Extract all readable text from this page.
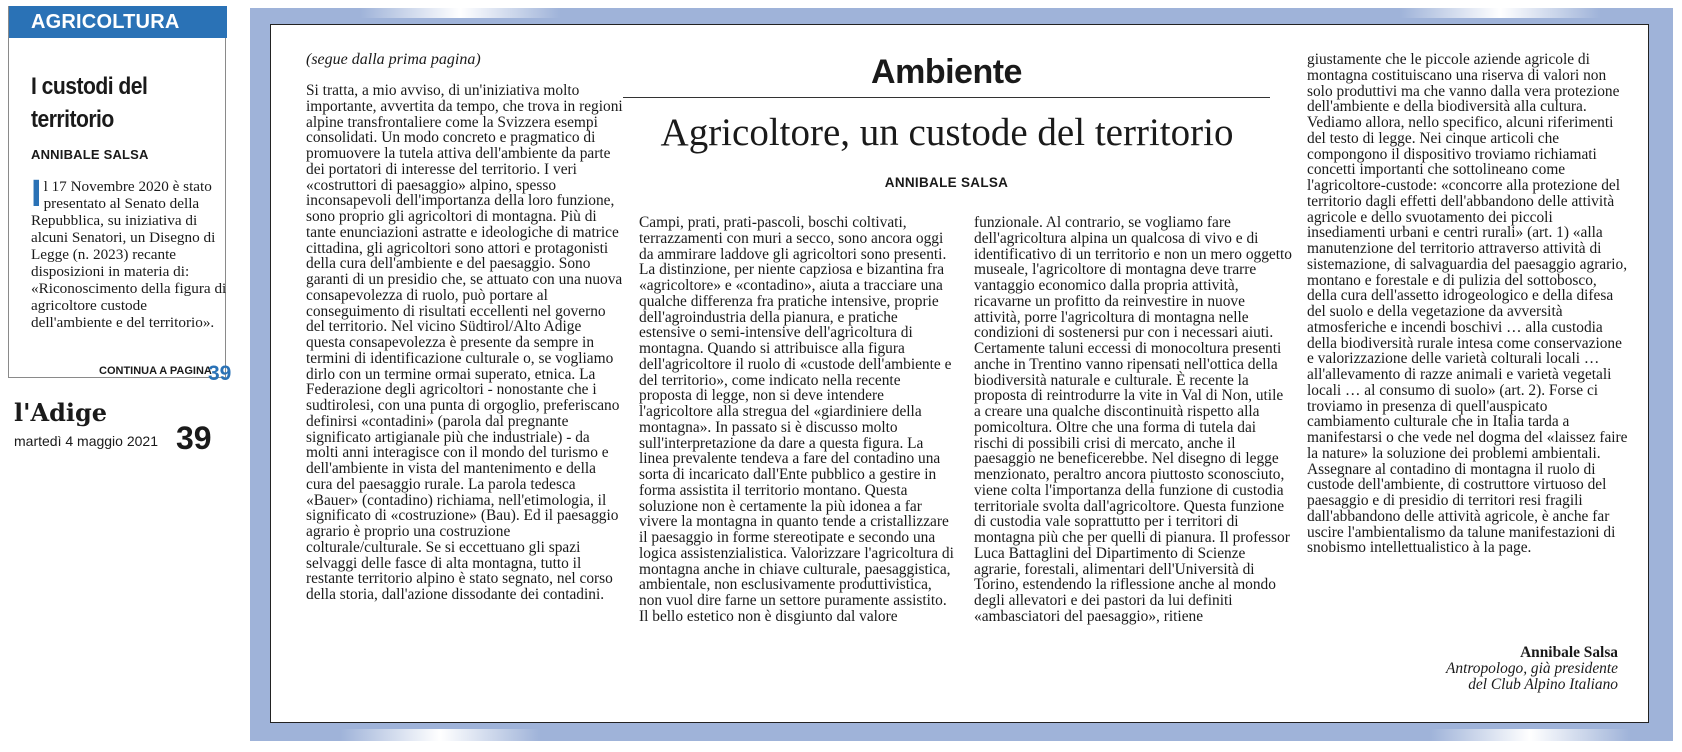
AGRICOLTURA
I custodi del territorio
ANNIBALE SALSA
Il 17 Novembre 2020 è stato presentato al Senato della Repubblica, su iniziativa di alcuni Senatori, un Disegno di Legge (n. 2023) recante disposizioni in materia di: «Riconoscimento della figura di agricoltore custode dell'ambiente e del territorio».
CONTINUA A PAGINA
39
l'Adige
martedì 4 maggio 2021 39
(segue dalla prima pagina)	Ambiente
Agricoltore, un custode del territorio
ANNIBALE SALSA

Si tratta, a mio avviso, di un'iniziativa molto importante, avvertita da tempo, che trova in regioni alpine transfrontaliere come la Svizzera esempi consolidati. Un modo concreto e pragmatico di promuovere la tutela attiva dell'ambiente da parte dei portatori di interesse del territorio. I veri «costruttori di paesaggio» alpino, spesso inconsapevoli dell'importanza della loro funzione, sono proprio gli agricoltori di montagna. Più di tante enunciazioni astratte e ideologiche di matrice cittadina, gli agricoltori sono attori e protagonisti della cura dell'ambiente e del paesaggio. Sono garanti di un presidio che, se attuato con una nuova consapevolezza di ruolo, può portare al conseguimento di risultati eccellenti nel governo del territorio. Nel vicino Südtirol/Alto Adige questa consapevolezza è presente da sempre in termini di identificazione culturale o, se vogliamo dirlo con un termine ormai superato, etnica. La Federazione degli agricoltori - nonostante che i sudtirolesi, con una punta di orgoglio, preferiscano definirsi «contadini» (parola dal pregnante significato artigianale più che industriale) - da molti anni interagisce con il mondo del turismo e dell'ambiente in vista del mantenimento e della cura del paesaggio rurale. La parola tedesca «Bauer» (contadino) richiama, nell'etimologia, il significato di «costruzione» (Bau). Ed il paesaggio agrario è proprio una costruzione colturale/culturale. Se si eccettuano gli spazi selvaggi delle fasce di alta montagna, tutto il restante territorio alpino è stato segnato, nel corso della storia, dall'azione dissodante dei contadini.

Campi, prati, prati-pascoli, boschi coltivati, terrazzamenti con muri a secco, sono ancora oggi da ammirare laddove gli agricoltori sono presenti. La distinzione, per niente capziosa e bizantina fra «agricoltore» e «contadino», aiuta a tracciare una qualche differenza fra pratiche intensive, proprie dell'agroindustria della pianura, e pratiche estensive o semi-intensive dell'agricoltura di montagna. Quando si attribuisce alla figura dell'agricoltore il ruolo di «custode dell'ambiente e del territorio», come indicato nella recente proposta di legge, non si deve intendere l'agricoltore alla stregua del «giardiniere della montagna». In passato si è discusso molto sull'interpretazione da dare a questa figura. La linea prevalente tendeva a fare del contadino una sorta di incaricato dall'Ente pubblico a gestire in forma assistita il territorio montano. Questa soluzione non è certamente la più idonea a far vivere la montagna in quanto tende a cristallizzare il paesaggio in forme stereotipate e secondo una logica assistenzialistica. Valorizzare l'agricoltura di montagna anche in chiave culturale, paesaggistica, ambientale, non esclusivamente produttivistica, non vuol dire farne un settore puramente assistito. Il bello estetico non è disgiunto dal valore

funzionale. Al contrario, se vogliamo fare dell'agricoltura alpina un qualcosa di vivo e di identificativo di un territorio e non un mero oggetto museale, l'agricoltore di montagna deve trarre vantaggio economico dalla propria attività, ricavarne un profitto da reinvestire in nuove attività, porre l'agricoltura di montagna nelle condizioni di sostenersi pur con i necessari aiuti. Certamente taluni eccessi di monocoltura presenti anche in Trentino vanno ripensati nell'ottica della biodiversità naturale e culturale. È recente la proposta di reintrodurre la vite in Val di Non, utile a creare una qualche discontinuità rispetto alla pomicoltura. Oltre che una forma di tutela dai rischi di possibili crisi di mercato, anche il paesaggio ne beneficerebbe. Nel disegno di legge menzionato, peraltro ancora piuttosto sconosciuto, viene colta l'importanza della funzione di custodia territoriale svolta dall'agricoltore. Questa funzione di custodia vale soprattutto per i territori di montagna più che per quelli di pianura. Il professor Luca Battaglini del Dipartimento di Scienze agrarie, forestali, alimentari dell'Università di Torino, estendendo la riflessione anche al mondo degli allevatori e dei pastori da lui definiti «ambasciatori del paesaggio», ritiene

giustamente che le piccole aziende agricole di montagna costituiscano una riserva di valori non solo produttivi ma che vanno dalla vera protezione dell'ambiente e della biodiversità alla cultura. Vediamo allora, nello specifico, alcuni riferimenti del testo di legge. Nei cinque articoli che compongono il dispositivo troviamo richiamati concetti importanti che sottolineano come l'agricoltore-custode: «concorre alla protezione del territorio dagli effetti dell'abbandono delle attività agricole e dello svuotamento dei piccoli insediamenti urbani e centri rurali» (art. 1) «alla manutenzione del territorio attraverso attività di sistemazione, di salvaguardia del paesaggio agrario, montano e forestale e di pulizia del sottobosco, della cura dell'assetto idrogeologico e della difesa del suolo e della vegetazione da avversità atmosferiche e incendi boschivi … alla custodia della biodiversità rurale intesa come conservazione e valorizzazione delle varietà colturali locali … all'allevamento di razze animali e varietà vegetali locali … al consumo di suolo» (art. 2). Forse ci troviamo in presenza di quell'auspicato cambiamento culturale che in Italia tarda a manifestarsi o che vede nel dogma del «laissez faire la nature» la soluzione dei problemi ambientali. Assegnare al contadino di montagna il ruolo di custode dell'ambiente, di costruttore virtuoso del paesaggio e di presidio di territori resi fragili dall'abbandono delle attività agricole, è anche far uscire l'ambientalismo da talune manifestazioni di snobismo intellettualistico à la page.

Annibale Salsa
Antropologo, già presidente
del Club Alpino Italiano
